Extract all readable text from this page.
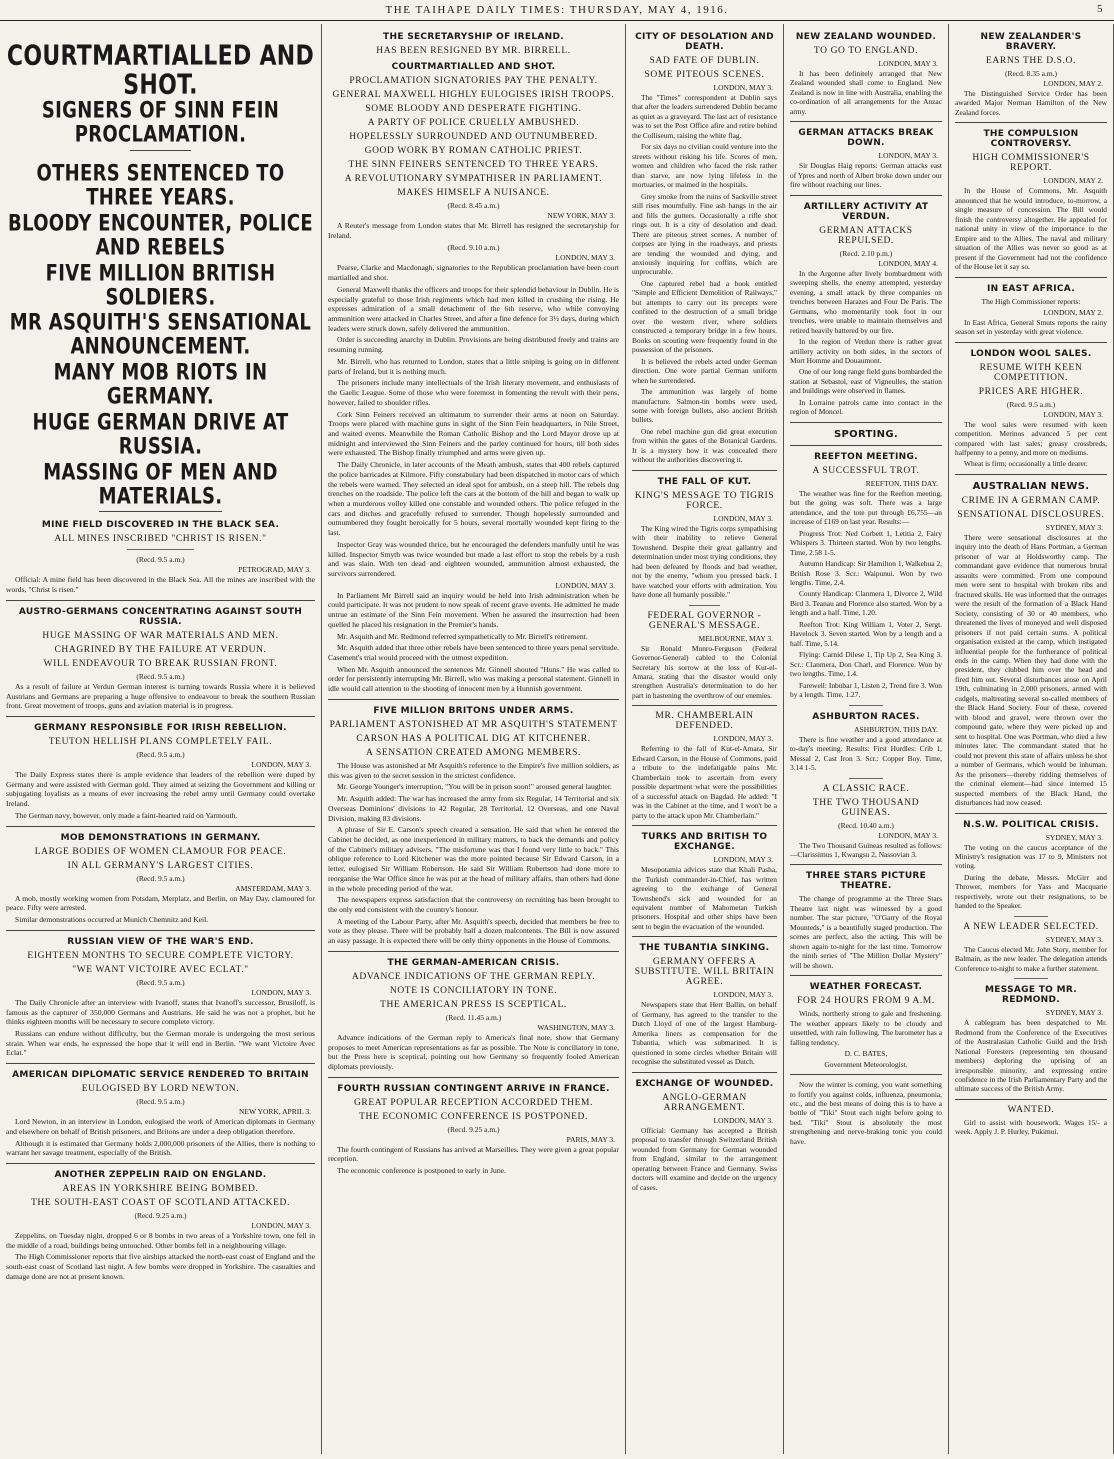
THE TAIHAPE DAILY TIMES: THURSDAY, MAY 4, 1916.	5
COURTMARTIALLED AND SHOT.
SIGNERS OF SINN FEIN PROCLAMATION.
OTHERS SENTENCED TO THREE YEARS.
BLOODY ENCOUNTER, POLICE AND REBELS
FIVE MILLION BRITISH SOLDIERS.
MR ASQUITH'S SENSATIONAL ANNOUNCEMENT.
MANY MOB RIOTS IN GERMANY.
HUGE GERMAN DRIVE AT RUSSIA.
MASSING OF MEN AND MATERIALS.
MINE FIELD DISCOVERED IN THE BLACK SEA.
ALL MINES INSCRIBED "CHRIST IS RISEN."
(Recd. 9.5 a.m.)
PETROGRAD, MAY 3.

Official: A mine field has been discovered in the Black Sea. All the mines are inscribed with the words, "Christ is risen."

AUSTRO-GERMANS CONCENTRATING AGAINST SOUTH RUSSIA.
HUGE MASSING OF WAR MATERIALS AND MEN.
CHAGRINED BY THE FAILURE AT VERDUN.
WILL ENDEAVOUR TO BREAK RUSSIAN FRONT.
(Recd. 9.5 a.m.)

As a result of failure at Verdun German interest is turning towards Russia where it is believed Austrians and Germans are preparing a huge offensive to endeavour to break the southern Russian front. Great movement of troops, guns and aviation material is in progress.

GERMANY RESPONSIBLE FOR IRISH REBELLION.
TEUTON HELLISH PLANS COMPLETELY FAIL.
(Recd. 9.5 a.m.)
LONDON, MAY 3.

The Daily Express states there is ample evidence that leaders of the rebellion were duped by Germany and were assisted with German gold. They aimed at seizing the Government and killing or subjugating loyalists as a means of ever increasing the rebel army until Germany could overtake Ireland.

The German navy, however, only made a faint-hearted raid on Yarmouth.

MOB DEMONSTRATIONS IN GERMANY.
LARGE BODIES OF WOMEN CLAMOUR FOR PEACE.
IN ALL GERMANY'S LARGEST CITIES.
(Recd. 9.5 a.m.)
AMSTERDAM, MAY 3.

A mob, mostly working women from Potsdam, Merplatz, and Berlin, on May Day, clamoured for peace. Fifty were arrested.

Similar demonstrations occurred at Munich Chemnitz and Keil.

RUSSIAN VIEW OF THE WAR'S END.
EIGHTEEN MONTHS TO SECURE COMPLETE VICTORY.
"WE WANT VICTOIRE AVEC ECLAT."
(Recd. 9.5 a.m.)
LONDON, MAY 3.

The Daily Chronicle after an interview with Ivanoff, states that Ivanoff's successor, Brusiloff, is famous as the capturer of 350,000 Germans and Austrians. He said he was not a prophet, but he thinks eighteen months will be necessary to secure complete victory.

Russians can endure without difficulty, but the German morale is undergoing the most serious strain. When war ends, he expressed the hope that it will end in Berlin. "We want Victoire Avec Eclat."

AMERICAN DIPLOMATIC SERVICE RENDERED TO BRITAIN
EULOGISED BY LORD NEWTON.
(Recd. 9.5 a.m.)
NEW YORK, APRIL 3.

Lord Newton, in an interview in London, eulogised the work of American diplomats in Germany and elsewhere on behalf of British prisoners, and Britons are under a deep obligation therefore.

Although it is estimated that Germany holds 2,000,000 prisoners of the Allies, there is nothing to warrant her savage treatment, especially of the British.

ANOTHER ZEPPELIN RAID ON ENGLAND.
AREAS IN YORKSHIRE BEING BOMBED.
THE SOUTH-EAST COAST OF SCOTLAND ATTACKED.
(Recd. 9.25 a.m.)
LONDON, MAY 3.

Zeppelins, on Tuesday night, dropped 6 or 8 bombs in two areas of a Yorkshire town, one fell in the middle of a road, buildings being untouched. Other bombs fell in a neighbouring village.

The High Commissioner reports that five airships attacked the north-east coast of England and the south-east coast of Scotland last night. A few bombs were dropped in Yorkshire. The casualties and damage done are not at present known.

THE SECRETARYSHIP OF IRELAND.
HAS BEEN RESIGNED BY MR. BIRRELL.
COURTMARTIALLED AND SHOT.
PROCLAMATION SIGNATORIES PAY THE PENALTY.
GENERAL MAXWELL HIGHLY EULOGISES IRISH TROOPS.
SOME BLOODY AND DESPERATE FIGHTING.
A PARTY OF POLICE CRUELLY AMBUSHED.
HOPELESSLY SURROUNDED AND OUTNUMBERED.
GOOD WORK BY ROMAN CATHOLIC PRIEST.
THE SINN FEINERS SENTENCED TO THREE YEARS.
A REVOLUTIONARY SYMPATHISER IN PARLIAMENT.
MAKES HIMSELF A NUISANCE.
(Recd. 8.45 a.m.)
NEW YORK, MAY 3.

A Reuter's message from London states that Mr. Birrell has resigned the secretaryship for Ireland.

(Recd. 9.10 a.m.)
LONDON, MAY 3.

Pearse, Clarke and Macdonagh, signatories to the Republican proclamation have been court martialled and shot.

General Maxwell thanks the officers and troops for their splendid behaviour in Dublin. He is especially grateful to those Irish regiments which had men killed in crushing the rising. He expresses admiration of a small detachment of the 6th reserve, who while convoying ammunition were attacked in Charles Street, and after a fine defence for 3½ days, during which leaders were struck down, safely delivered the ammunition.

Order is succeeding anarchy in Dublin. Provisions are being distributed freely and trains are resuming running.

Mr. Birrell, who has returned to London, states that a little sniping is going on in different parts of Ireland, but it is nothing much.

The prisoners include many intellectuals of the Irish literary movement, and enthusiasts of the Gaelic League. Some of those who were foremost in fomenting the revolt with their pens, however, failed to shoulder rifles.

Cork Sinn Feiners received an ultimatum to surrender their arms at noon on Saturday. Troops were placed with machine guns in sight of the Sinn Fein headquarters, in Nile Street, and waited events. Meanwhile the Roman Catholic Bishop and the Lord Mayor drove up at midnight and interviewed the Sinn Feiners and the parley continued for hours, till both sides were exhausted. The Bishop finally triumphed and arms were given up.

The Daily Chronicle, in later accounts of the Meath ambush, states that 400 rebels captured the police barricades at Kilmore. Fifty constabulary had been dispatched in motor cars of which the rebels were warned. They selected an ideal spot for ambush, on a steep hill. The rebels dug trenches on the roadside. The police left the cars at the bottom of the hill and began to walk up when a murderous volley killed one constable and wounded others. The police refuged in the cars and ditches and gracefully refused to surrender. Though hopelessly surrounded and outnumbered they fought heroically for 5 hours, several mortally wounded kept firing to the last.

Inspector Gray was wounded thrice, but he encouraged the defenders manfully until he was killed. Inspector Smyth was twice wounded but made a last effort to stop the rebels by a rush and was slain. With ten dead and eighteen wounded, ammunition almost exhausted, the survivors surrendered.

LONDON, MAY 3.

In Parliament Mr Birrell said an inquiry would be held into Irish administration when he could participate. It was not prudent to now speak of recent grave events. He admitted he made untrue an estimate of the Sinn Fein movement. When he assured the insurrection had been quelled he placed his resignation in the Premier's hands.

Mr. Asquith and Mr. Redmond referred sympathetically to Mr. Birrell's retirement.

Mr. Asquith added that three other rebels have been sentenced to three years penal servitude. Casement's trial would proceed with the utmost expedition.

When Mr. Asquith announced the sentences Mr. Ginnell shouted "Huns." He was called to order for persistently interrupting Mr. Birrell, who was making a personal statement. Ginnell in idle would call attention to the shooting of innocent men by a Hunnish government.

FIVE MILLION BRITONS UNDER ARMS.
PARLIAMENT ASTONISHED AT MR ASQUITH'S STATEMENT
CARSON HAS A POLITICAL DIG AT KITCHENER.
A SENSATION CREATED AMONG MEMBERS.

The House was astonished at Mr Asquith's reference to the Empire's five million soldiers, as this was given to the secret session in the strictest confidence.

Mr. George Younger's interruption, "You will be in prison soon!" aroused general laughter.

Mr. Asquith added: The war has increased the army from six Regular, 14 Territorial and six Overseas Dominions' divisions to 42 Regular, 28 Territorial, 12 Overseas, and one Naval Division, making 83 divisions.

A phrase of Sir E. Carson's speech created a sensation. He said that when he entered the Cabinet he decided, as one inexperienced in military matters, to back the demands and policy of the Cabinet's military advisers. "The misfortune was that I found very little to back." This oblique reference to Lord Kitchener was the more pointed because Sir Edward Carson, in a letter, eulogised Sir William Robertson. He said Sir William Robertson had done more to reorganise the War Office since he was put at the head of military affairs, than others had done in the whole preceding period of the war.

The newspapers express satisfaction that the controversy on recruiting has been brought to the only end consistent with the country's honour.

A meeting of the Labour Party, after Mr. Asquith's speech, decided that members be free to vote as they please. There will be probably half a dozen malcontents. The Bill is now assured an easy passage. It is expected there will be only thirty opponents in the House of Commons.

THE GERMAN-AMERICAN CRISIS.
ADVANCE INDICATIONS OF THE GERMAN REPLY.
NOTE IS CONCILIATORY IN TONE.
THE AMERICAN PRESS IS SCEPTICAL.
(Recd. 11.45 a.m.)
WASHINGTON, MAY 3.

Advance indications of the German reply to America's final note, show that Germany proposes to meet American representations as far as possible. The Note is conciliatory in tone, but the Press here is sceptical, pointing out how Germany so frequently fooled American diplomats previously.

FOURTH RUSSIAN CONTINGENT ARRIVE IN FRANCE.
GREAT POPULAR RECEPTION ACCORDED THEM.
THE ECONOMIC CONFERENCE IS POSTPONED.
(Recd. 9.25 a.m.)
PARIS, MAY 3.

The fourth contingent of Russians has arrived at Marseilles. They were given a great popular reception.

The economic conference is postponed to early in June.

CITY OF DESOLATION AND DEATH.
SAD FATE OF DUBLIN.
SOME PITEOUS SCENES.
LONDON, MAY 3.

The "Times" correspondent at Dublin says that after the leaders surrendered Dublin became as quiet as a graveyard. The last act of resistance was to set the Post Office afire and retire behind the Colliseum, raising the white flag.

For six days no civilian could venture into the streets without risking his life. Scores of men, women and children who faced the risk rather than starve, are now lying lifeless in the mortuaries, or maimed in the hospitals.

Grey smoke from the ruins of Sackville street still rises mournfully. Fine ash hangs in the air and fills the gutters. Occasionally a rifle shot rings out. It is a city of desolation and dead. There are piteous street scenes. A number of corpses are lying in the roadways, and priests are tending the wounded and dying, and anxiously inquiring for coffins, which are unprocurable.

One captured rebel had a book entitled "Simple and Efficient Demolition of Railways," but attempts to carry out its precepts were confined to the destruction of a small bridge over the western river, where soldiers constructed a temporary bridge in a few hours. Books on scouting were frequently found in the possession of the prisoners.

It is believed the rebels acted under German direction. One wore partial German uniform when he surrendered.

The ammunition was largely of home manufacture. Salmon-tin bombs were used, some with foreign bullets, also ancient British bullets.

One rebel machine gun did great execution from within the gates of the Botanical Gardens. It is a mystery how it was concealed there without the authorities discovering it.

THE FALL OF KUT.
KING'S MESSAGE TO TIGRIS FORCE.
LONDON, MAY 3.

The King wired the Tigris corps sympathising with their inability to relieve General Townshend. Despite their great gallantry and determination under most trying conditions, they had been defeated by floods and bad weather, not by the enemy, "whom you pressed back. I have watched your efforts with admiration. You have done all humanly possible."

FEDERAL GOVERNOR - GENERAL'S MESSAGE.
MELBOURNE, MAY 3.

Sir Ronald Munro-Ferguson (Federal Governor-General) cabled to the Colonial Secretary his sorrow at the loss of Kut-el-Amara, stating that the disaster would only strengthen Australia's determination to do her part in hastening the overthrow of our enemies.

MR. CHAMBERLAIN DEFENDED.
LONDON, MAY 3.

Referring to the fall of Kut-el-Amara, Sir Edward Carson, in the House of Commons, paid a tribute to the indefatigable pains Mr. Chamberlain took to ascertain from every possible department what were the possibilities of a successful attack on Bagdad. He added: "I was in the Cabinet at the time, and I won't be a party to the attack upon Mr. Chamberlain."

TURKS AND BRITISH TO EXCHANGE.
LONDON, MAY 3.

Mesopotamia advices state that Khali Pasha, the Turkish commander-in-Chief, has written agreeing to the exchange of General Townshend's sick and wounded for an equivalent number of Mahometan Turkish prisoners. Hospital and other ships have been sent to begin the evacuation of the wounded.

THE TUBANTIA SINKING.
GERMANY OFFERS A SUBSTITUTE. WILL BRITAIN AGREE.
LONDON, MAY 3.

Newspapers state that Herr Ballin, on behalf of Germany, has agreed to the transfer to the Dutch Lloyd of one of the largest Hamburg-Amerika liners as compensation for the Tubantia, which was submarined. It is questioned in some circles whether Britain will recognise the substituted vessel as Dutch.

EXCHANGE OF WOUNDED.
ANGLO-GERMAN ARRANGEMENT.
LONDON, MAY 3.

Official: Germany has accepted a British proposal to transfer through Switzerland British wounded from Germany for German wounded from England, similar to the arrangement operating between France and Germany. Swiss doctors will examine and decide on the urgency of cases.

NEW ZEALAND WOUNDED.
TO GO TO ENGLAND.
LONDON, MAY 3.

It has been definitely arranged that New Zealand wounded shall come to England. New Zealand is now in line with Australia, enabling the co-ordination of all arrangements for the Anzac army.

GERMAN ATTACKS BREAK DOWN.
LONDON, MAY 3.

Sir Douglas Haig reports: German attacks east of Ypres and north of Albert broke down under our fire without reaching our lines.

ARTILLERY ACTIVITY AT VERDUN.
GERMAN ATTACKS REPULSED.
(Recd. 2.10 p.m.)
LONDON, MAY 4.

In the Argonne after lively bombardment with sweeping shells, the enemy attempted, yesterday evening, a small attack by three companies on trenches between Harazes and Four De Paris. The Germans, who momentarily took foot in our trenches, were unable to maintain themselves and retired heavily battered by our fire.

In the region of Verdun there is rather great artillery activity on both sides, in the sectors of Mort Homme and Douaumont.

One of our long range field guns bombarded the station at Sebastol, east of Vigneulles, the station and buildings were observed in flames.

In Lorraine patrols came into contact in the region of Moncel.

SPORTING.
REEFTON MEETING.
A SUCCESSFUL TROT.
REEFTON, THIS DAY.

The weather was fine for the Reefton meeting, but the going was soft. There was a large attendance, and the tote put through £6,755—an increase of £169 on last year. Results:—

Progress Trot: Ned Corbett 1, Letitia 2, Fairy Whispers 3. Thirteen started. Won by two lengths. Time, 2.58 1-5.

Autumn Handicap: Sir Hamilton 1, Walkehua 2, British Rose 3. Scr.: Waipunui. Won by two lengths. Time, 2.4.

County Handicap: Clanmera 1, Divorce 2, Wild Bird 3. Teanau and Florence also started. Won by a length and a half. Time, 1.20.

Reefton Trot: King William 1, Voter 2, Sergt. Havelock 3. Seven started. Won by a length and a half. Time, 5.14.

Flying: Carnid Dilese 1, Tip Up 2, Sea King 3. Scr.: Clanmera, Don Charl, and Florence. Won by two lengths. Time, 1.4.

Farewell: Inbubar 1, Listen 2, Trend fire 3. Won by a length. Time, 1.27.

ASHBURTON RACES.
ASHBURTON, THIS DAY.

There is fine weather and a good attendance at to-day's meeting. Results: First Hurdles: Crib 1, Messal 2, Cast Iron 3. Scr.: Copper Boy. Time, 3.14 1-5.

A CLASSIC RACE.
THE TWO THOUSAND GUINEAS.
(Recd. 10.40 a.m.)
LONDON, MAY 3.

The Two Thousand Guineas resulted as follows:—Clarissimus 1, Kwangsu 2, Nassovian 3.

THREE STARS PICTURE THEATRE.

The change of programme at the Three Stars Theatre last night was witnessed by a good number. The star picture, "O'Garry of the Royal Mounteds," is a beautifully staged production. The scenes are perfect, also the acting. This will be shown again to-night for the last time. Tomorrow the ninth series of "The Million Dollar Mystery" will be shown.

WEATHER FORECAST.
FOR 24 HOURS FROM 9 A.M.

Winds, northerly strong to gale and freshening. The weather appears likely to be cloudy and unsettled, with rain following. The barometer has a falling tendency.

D. C. BATES,
Government Meteorologist.

Now the winter is coming, you want something to fortify you against colds, influenza, pneumonia, etc., and the best means of doing this is to have a bottle of "Tiki" Stout each night before going to bed. "Tiki" Stout is absolutely the most strengthening and nerve-braking tonic you could have.

NEW ZEALANDER'S BRAVERY.
EARNS THE D.S.O.
(Recd. 8.35 a.m.)
LONDON, MAY 2.

The Distinguished Service Order has been awarded Major Norman Hamilton of the New Zealand forces.

THE COMPULSION CONTROVERSY.
HIGH COMMISSIONER'S REPORT.
LONDON, MAY 2.

In the House of Commons, Mr. Asquith announced that he would introduce, to-morrow, a single measure of concession. The Bill would finish the controversy altogether. He appealed for national unity in view of the importance to the Empire and to the Allies. The naval and military situation of the Allies was never so good as at present if the Government had not the confidence of the House let it say so.

IN EAST AFRICA.
The High Commissioner reports:
LONDON, MAY 2.

In East Africa, General Smuts reports the rainy season set in yesterday with great violence.

LONDON WOOL SALES.
RESUME WITH KEEN COMPETITION.
PRICES ARE HIGHER.
(Recd. 9.5 a.m.)
LONDON, MAY 3.

The wool sales were resumed with keen competition. Merinos advanced 5 per cent compared with last sales; greasy crossbreds, halfpenny to a penny, and more on mediums.

Wheat is firm; occasionally a little dearer.

AUSTRALIAN NEWS.
CRIME IN A GERMAN CAMP.
SENSATIONAL DISCLOSURES.
SYDNEY, MAY 3.

There were sensational disclosures at the inquiry into the death of Hans Portman, a German prisoner of war at Holdsworthy camp. The commandant gave evidence that numerous brutal assaults were committed. From one compound men were sent to hospital with broken ribs and fractured skulls. He was informed that the outrages were the result of the formation of a Black Hand Society, consisting of 30 or 40 members, who threatened the lives of moneyed and well disposed prisoners if not paid certain sums. A political organisation existed at the camp, which instigated influential people for the furtherance of political ends in the camp. When they had done with the president, they clubbed him over the head and fired him out. Several disturbances arose on April 19th, culminating in 2,000 prisoners, armed with cudgels, maltreating several so-called members of the Black Hand Society. Four of these, covered with blood and gravel, were thrown over the compound gate, where they were picked up and sent to hospital. One was Portman, who died a few minutes later. The commandant stated that he could not prevent this state of affairs unless he shot a number of Germans, which would be inhuman. As the prisoners—thereby ridding themselves of the criminal element—had since interned 15 suspected members of the Black Hand, the disturbances had now ceased.

N.S.W. POLITICAL CRISIS.
SYDNEY, MAY 3.

The voting on the caucus acceptance of the Ministry's resignation was 17 to 9, Ministers not voting.

During the debate, Messrs. McGirr and Thrower, members for Yass and Macquarie respectively, wrote out their resignations, to be handed to the Speaker.

A NEW LEADER SELECTED.
SYDNEY, MAY 3.

The Caucus elected Mr. John Story, member for Balmain, as the new leader. The delegation attends Conference to-night to make a further statement.

MESSAGE TO MR. REDMOND.
SYDNEY, MAY 3.

A cablegram has been despatched to Mr. Redmond from the Conference of the Executives of the Australasian Catholic Guild and the Irish National Foresters (representing ten thousand members) deploring the uprising of an irresponsible minority, and expressing entire confidence in the Irish Parliamentary Party and the ultimate success of the British Army.

WANTED.

Girl to assist with housework. Wages 15/- a week. Apply J. P. Hurley, Pukimui.
